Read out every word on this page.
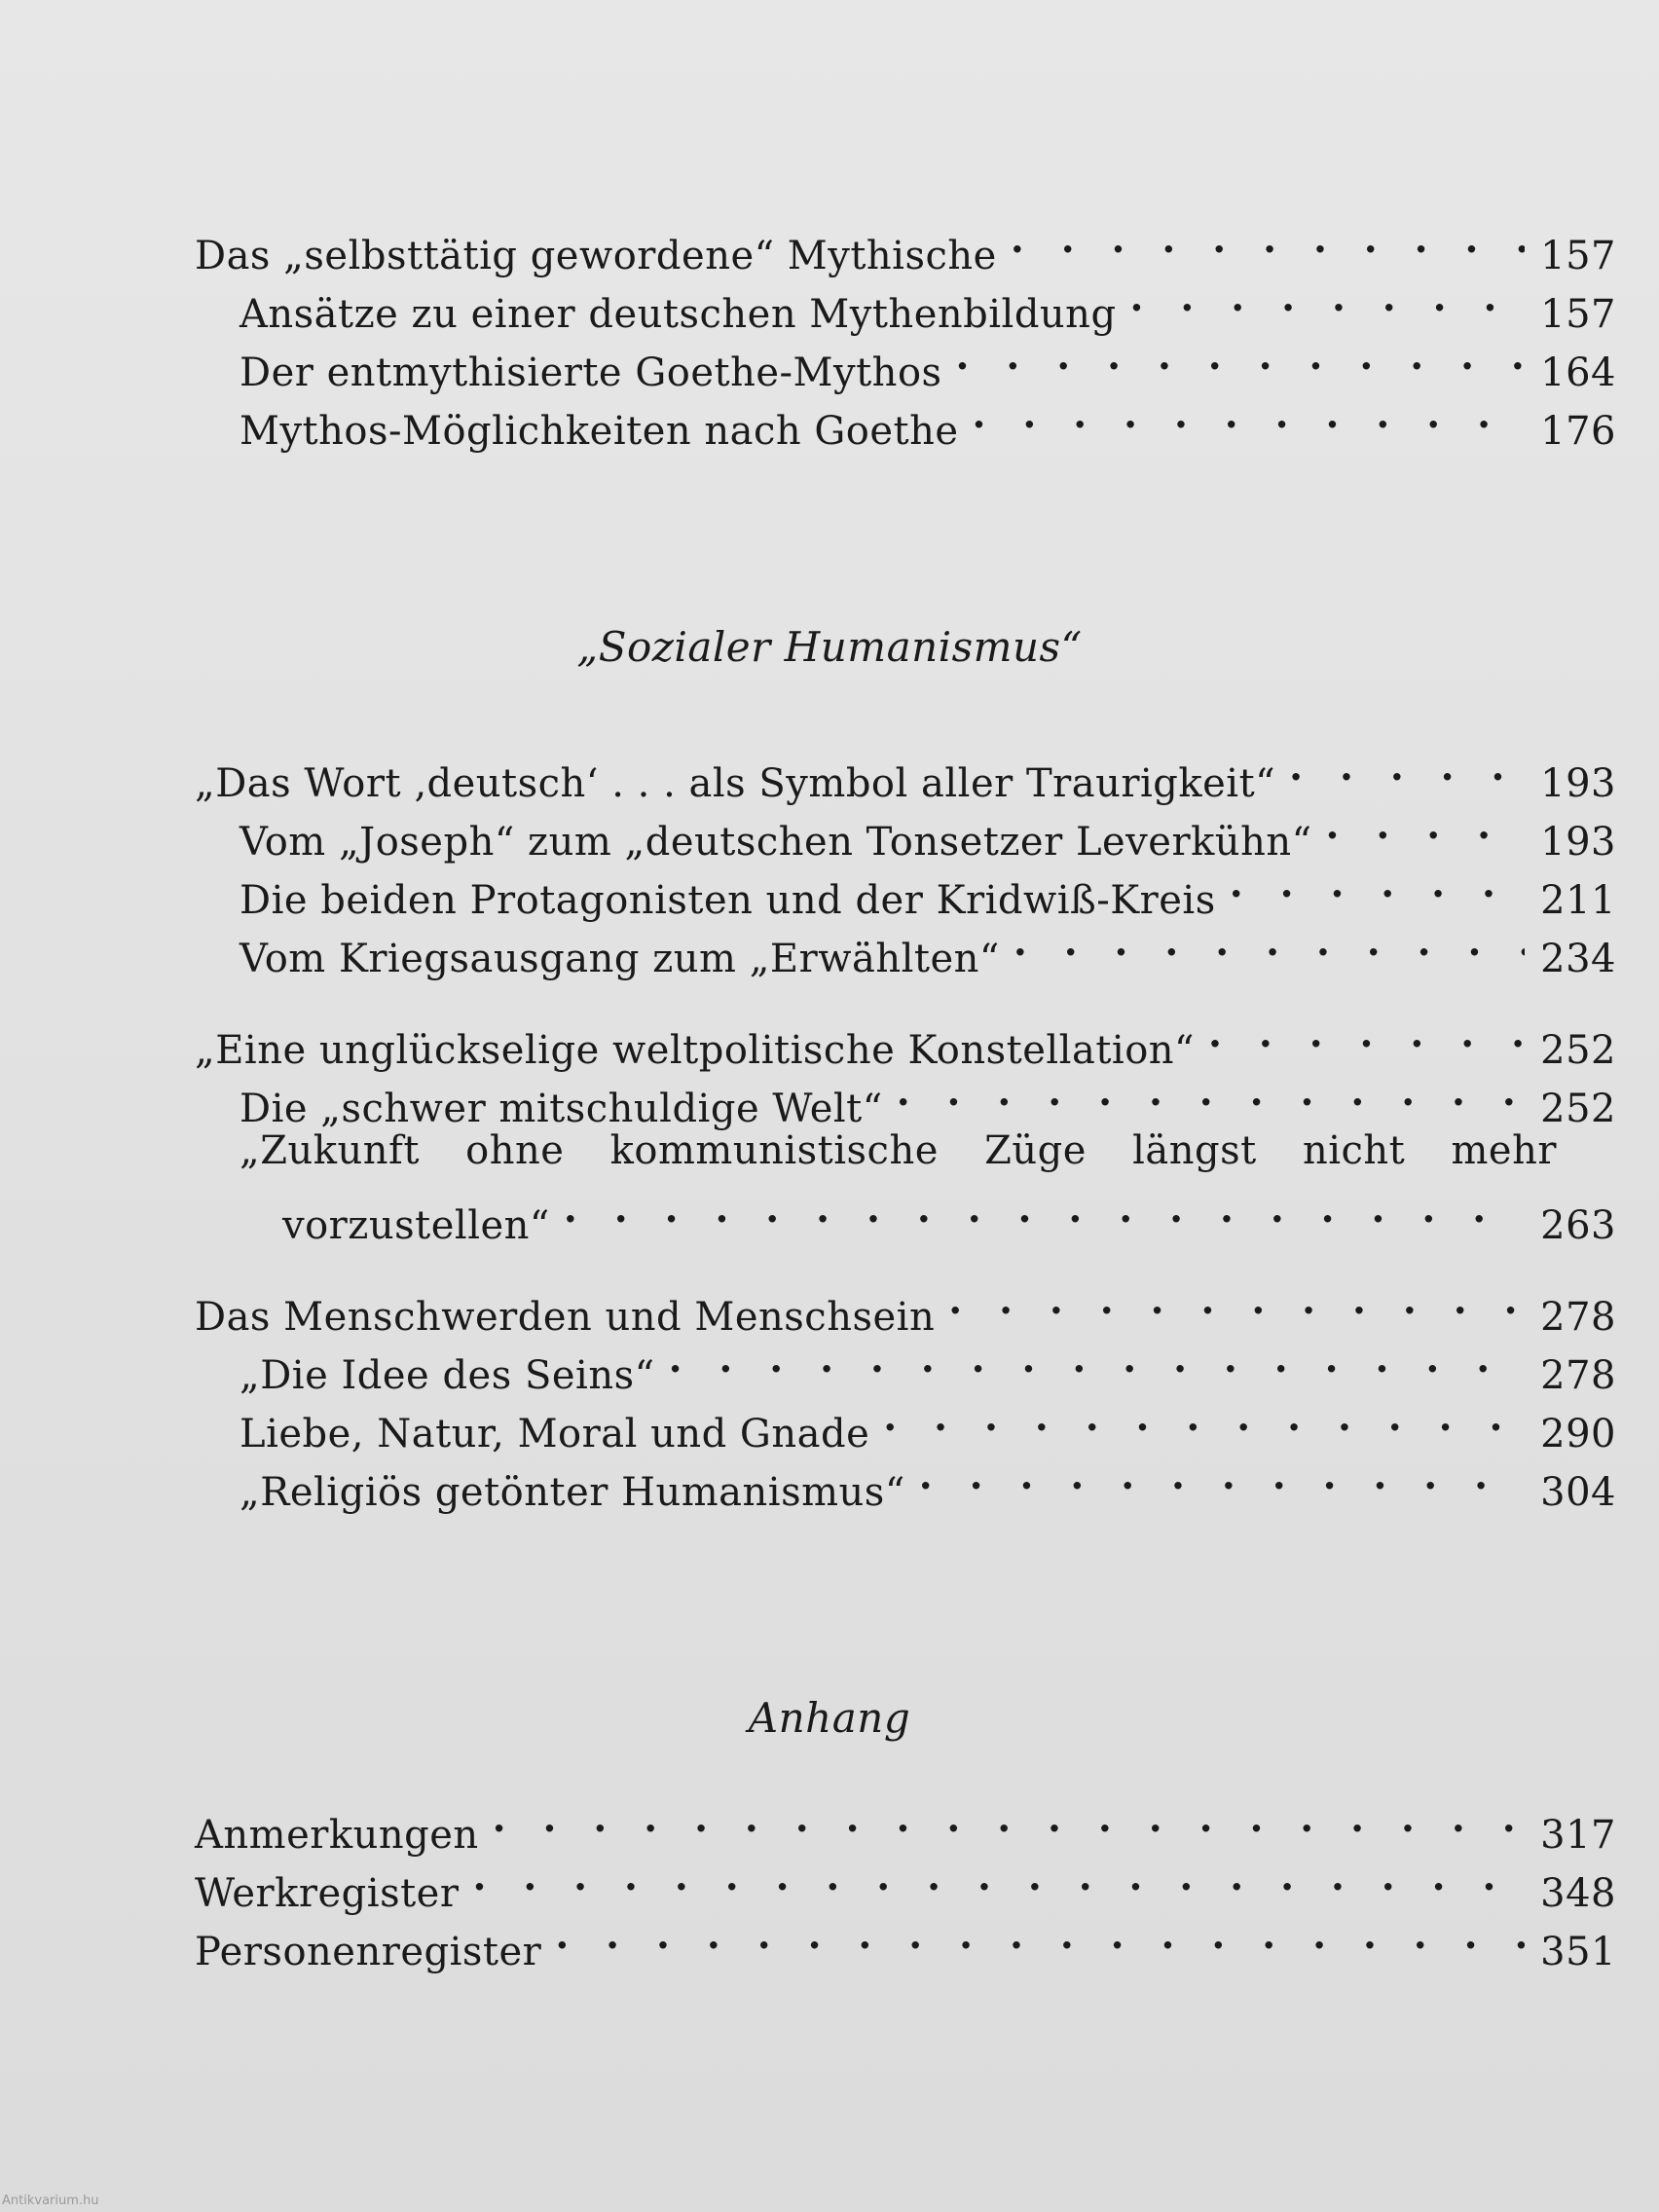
Das „selbsttätig gewordene“ Mythische . . .	157
Ansätze zu einer deutschen Mythenbildung . . .	157
Der entmythisierte Goethe-Mythos . . .	164
Mythos-Möglichkeiten nach Goethe . . .	176
„Sozialer Humanismus“
„Das Wort ‚deutsch‘ . . . als Symbol aller Traurigkeit“ . . .	193
Vom „Joseph“ zum „deutschen Tonsetzer Leverkühn“ . . .	193
Die beiden Protagonisten und der Kridwiß-Kreis . . .	211
Vom Kriegsausgang zum „Erwählten“ . . .	234
„Eine unglückselige weltpolitische Konstellation“ . . .	252
Die „schwer mitschuldige Welt“ . . .	252
„Zukunft ohne kommunistische Züge längst nicht mehr
vorzustellen“ . . .	263
Das Menschwerden und Menschsein . . .	278
„Die Idee des Seins“ . . .	278
Liebe, Natur, Moral und Gnade . . .	290
„Religiös getönter Humanismus“ . . .	304
Anhang
Anmerkungen . . .	317
Werkregister . . .	348
Personenregister . . .	351
Antikvarium.hu
